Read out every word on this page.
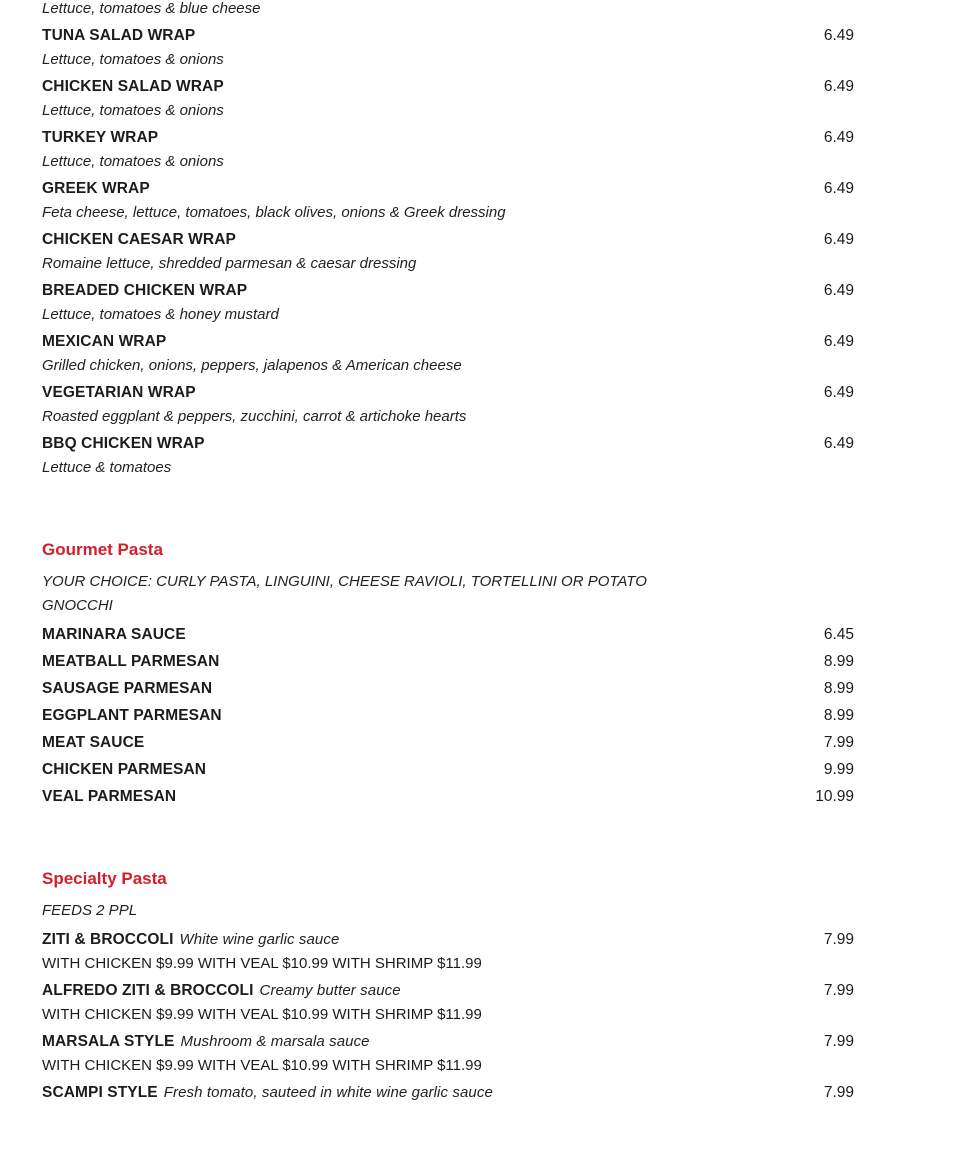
Lettuce, tomatoes & blue cheese
TUNA SALAD WRAP	6.49
Lettuce, tomatoes & onions
CHICKEN SALAD WRAP	6.49
Lettuce, tomatoes & onions
TURKEY WRAP	6.49
Lettuce, tomatoes & onions
GREEK WRAP	6.49
Feta cheese, lettuce, tomatoes, black olives, onions & Greek dressing
CHICKEN CAESAR WRAP	6.49
Romaine lettuce, shredded parmesan & caesar dressing
BREADED CHICKEN WRAP	6.49
Lettuce, tomatoes & honey mustard
MEXICAN WRAP	6.49
Grilled chicken, onions, peppers, jalapenos & American cheese
VEGETARIAN WRAP	6.49
Roasted eggplant & peppers, zucchini, carrot & artichoke hearts
BBQ CHICKEN WRAP	6.49
Lettuce & tomatoes
Gourmet Pasta
YOUR CHOICE: CURLY PASTA, LINGUINI, CHEESE RAVIOLI, TORTELLINI OR POTATO GNOCCHI
MARINARA SAUCE	6.45
MEATBALL PARMESAN	8.99
SAUSAGE PARMESAN	8.99
EGGPLANT PARMESAN	8.99
MEAT SAUCE	7.99
CHICKEN PARMESAN	9.99
VEAL PARMESAN	10.99
Specialty Pasta
FEEDS 2 PPL
ZITI & BROCCOLI White wine garlic sauce	7.99
WITH CHICKEN $9.99 WITH VEAL $10.99 WITH SHRIMP $11.99
ALFREDO ZITI & BROCCOLI Creamy butter sauce	7.99
WITH CHICKEN $9.99 WITH VEAL $10.99 WITH SHRIMP $11.99
MARSALA STYLE Mushroom & marsala sauce	7.99
WITH CHICKEN $9.99 WITH VEAL $10.99 WITH SHRIMP $11.99
SCAMPI STYLE Fresh tomato, sauteed in white wine garlic sauce	7.99
